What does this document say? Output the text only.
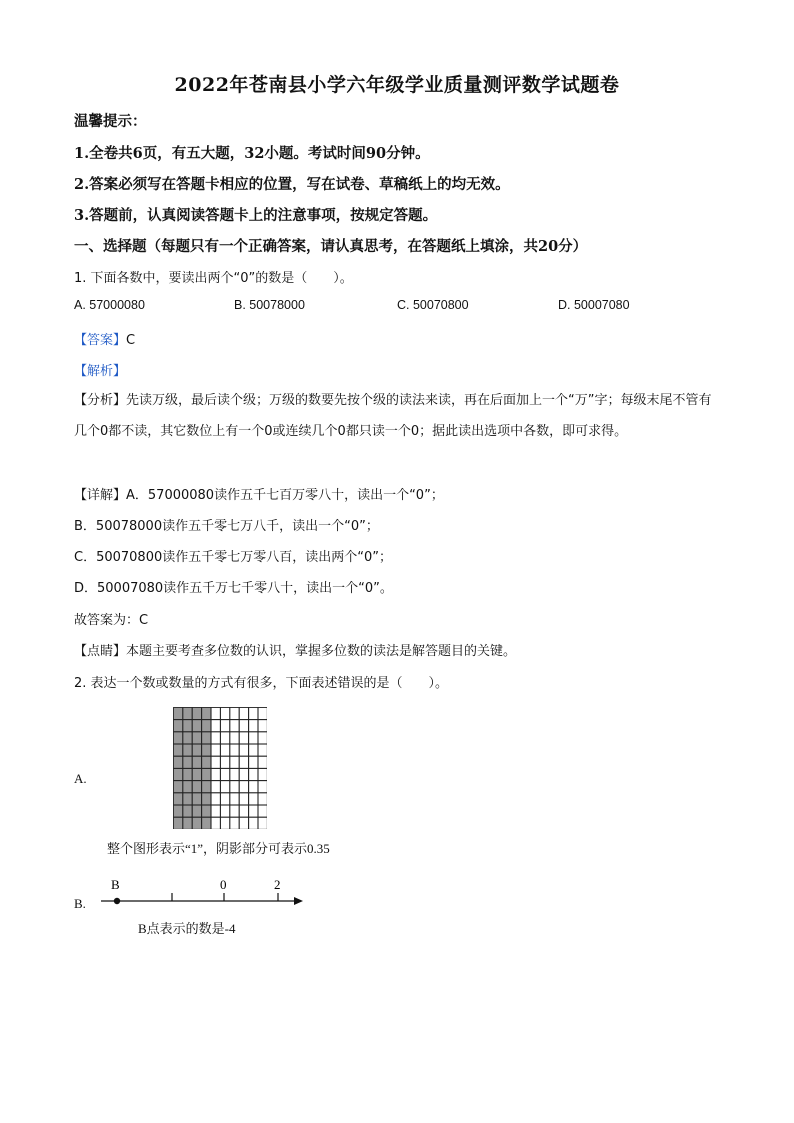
2022年苍南县小学六年级学业质量测评数学试题卷
温馨提示：
1.全卷共6页，有五大题，32小题。考试时间90分钟。
2.答案必须写在答题卡相应的位置，写在试卷、草稿纸上的均无效。
3.答题前，认真阅读答题卡上的注意事项，按规定答题。
一、选择题（每题只有一个正确答案，请认真思考，在答题纸上填涂，共20分）
1. 下面各数中，要读出两个“0”的数是（　　）。
A. 57000080	B. 50078000	C. 50070800	D. 50007080
【答案】C
【解析】
【分析】先读万级，最后读个级；万级的数要先按个级的读法来读，再在后面加上一个“万”字；每级末尾不管有几个0都不读，其它数位上有一个0或连续几个0都只读一个0；据此读出选项中各数，即可求得。
【详解】A．57000080读作五千七百万零八十，读出一个“0”；
B．50078000读作五千零七万八千，读出一个“0”；
C．50070800读作五千零七万零八百，读出两个“0”；
D．50007080读作五千万七千零八十，读出一个“0”。
故答案为：C
【点睛】本题主要考查多位数的认识，掌握多位数的读法是解答题目的关键。
2. 表达一个数或数量的方式有很多，下面表述错误的是（　　）。
A.
整个图形表示“1”，阴影部分可表示0.35
B.
B	0	2
B点表示的数是-4
